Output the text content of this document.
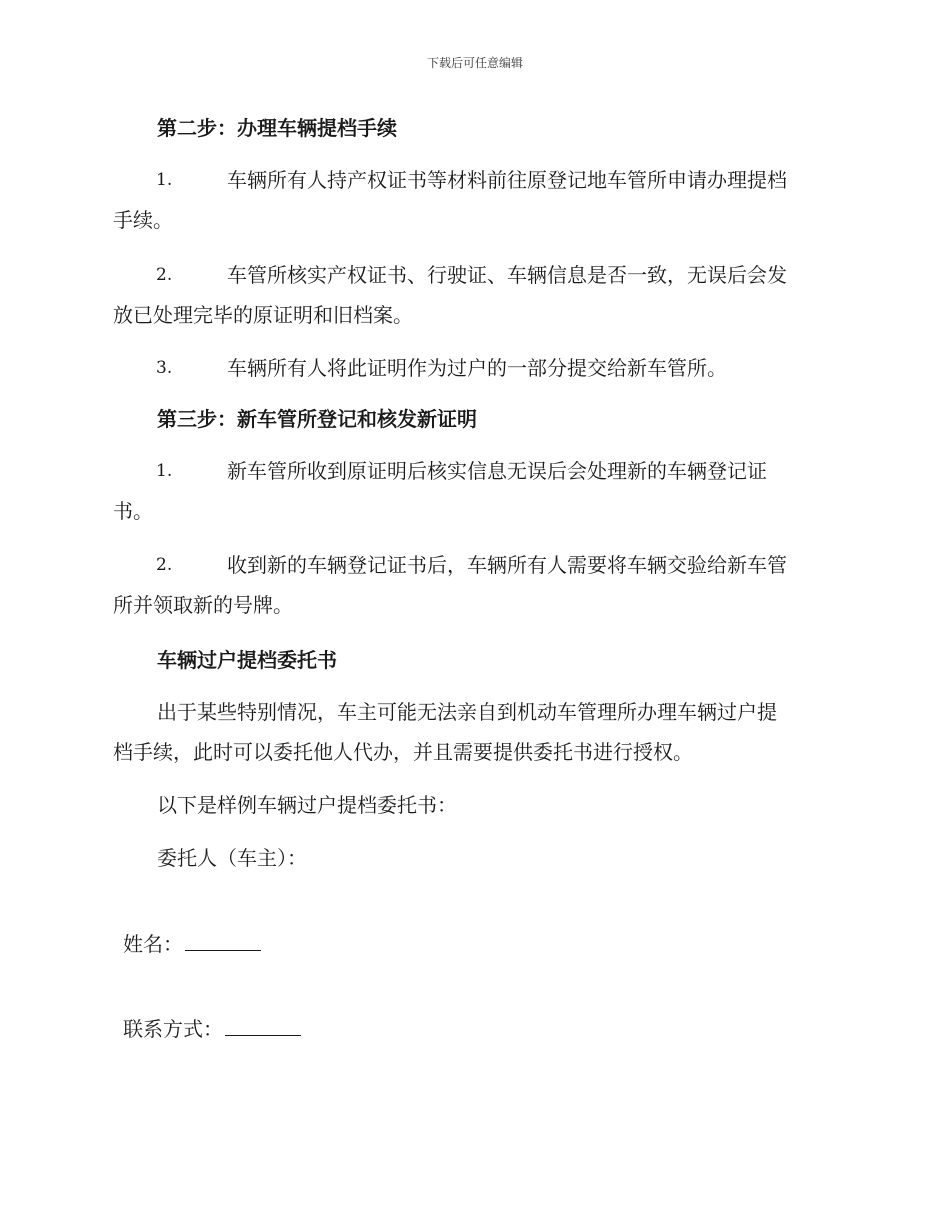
下载后可任意编辑
第二步：办理车辆提档手续
1.	车辆所有人持产权证书等材料前往原登记地车管所申请办理提档
手续。
2.	车管所核实产权证书、行驶证、车辆信息是否一致，无误后会发
放已处理完毕的原证明和旧档案。
3.	车辆所有人将此证明作为过户的一部分提交给新车管所。
第三步：新车管所登记和核发新证明
1.	新车管所收到原证明后核实信息无误后会处理新的车辆登记证
书。
2.	收到新的车辆登记证书后，车辆所有人需要将车辆交验给新车管
所并领取新的号牌。
车辆过户提档委托书
出于某些特别情况，车主可能无法亲自到机动车管理所办理车辆过户提
档手续，此时可以委托他人代办，并且需要提供委托书进行授权。
以下是样例车辆过户提档委托书：
委托人（车主）：
姓名：
联系方式：
